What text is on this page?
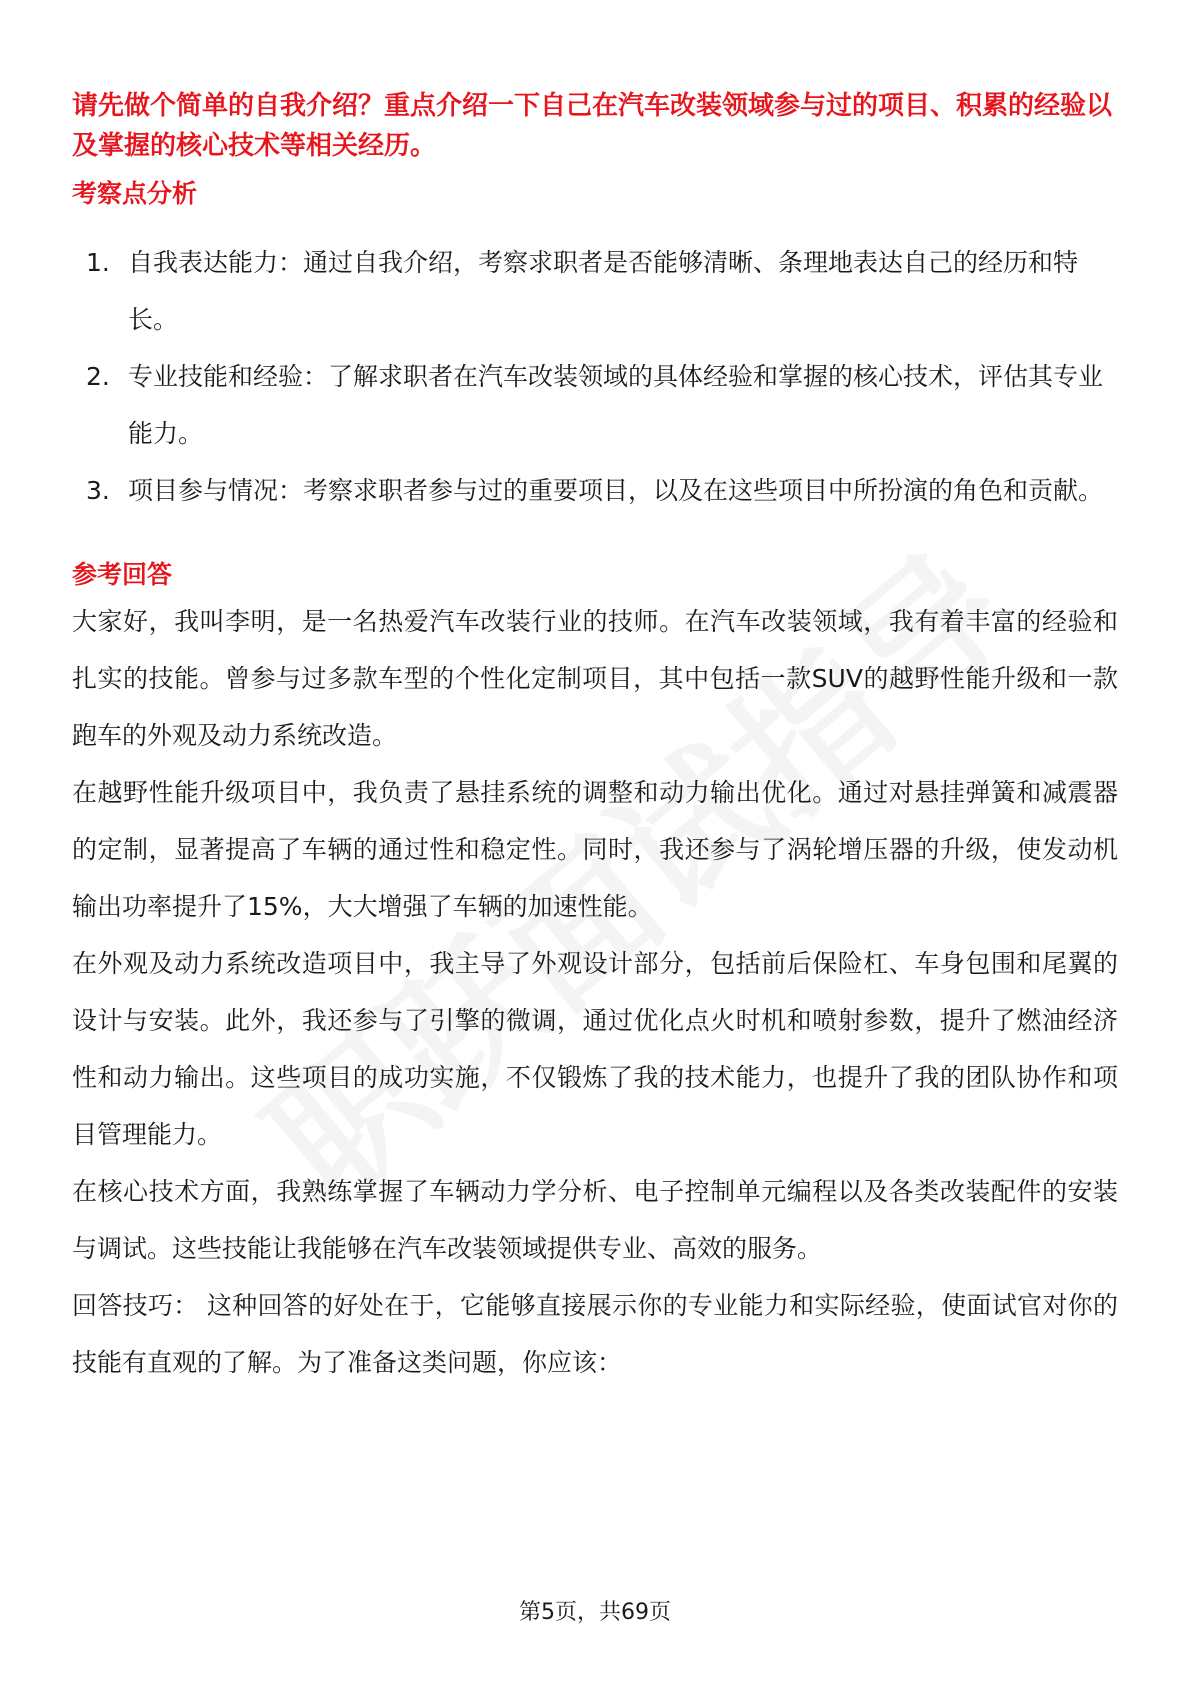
请先做个简单的自我介绍？重点介绍一下自己在汽车改装领域参与过的项目、积累的经验以及掌握的核心技术等相关经历。
考察点分析
1. 自我表达能力：通过自我介绍，考察求职者是否能够清晰、条理地表达自己的经历和特长。
2. 专业技能和经验：了解求职者在汽车改装领域的具体经验和掌握的核心技术，评估其专业能力。
3. 项目参与情况：考察求职者参与过的重要项目，以及在这些项目中所扮演的角色和贡献。
参考回答

大家好，我叫李明，是一名热爱汽车改装行业的技师。在汽车改装领域，我有着丰富的经验和扎实的技能。曾参与过多款车型的个性化定制项目，其中包括一款SUV的越野性能升级和一款跑车的外观及动力系统改造。

在越野性能升级项目中，我负责了悬挂系统的调整和动力输出优化。通过对悬挂弹簧和减震器的定制，显著提高了车辆的通过性和稳定性。同时，我还参与了涡轮增压器的升级，使发动机输出功率提升了15%，大大增强了车辆的加速性能。

在外观及动力系统改造项目中，我主导了外观设计部分，包括前后保险杠、车身包围和尾翼的设计与安装。此外，我还参与了引擎的微调，通过优化点火时机和喷射参数，提升了燃油经济性和动力输出。这些项目的成功实施，不仅锻炼了我的技术能力，也提升了我的团队协作和项目管理能力。

在核心技术方面，我熟练掌握了车辆动力学分析、电子控制单元编程以及各类改装配件的安装与调试。这些技能让我能够在汽车改装领域提供专业、高效的服务。

回答技巧： 这种回答的好处在于，它能够直接展示你的专业能力和实际经验，使面试官对你的技能有直观的了解。为了准备这类问题，你应该：

第5页，共69页
